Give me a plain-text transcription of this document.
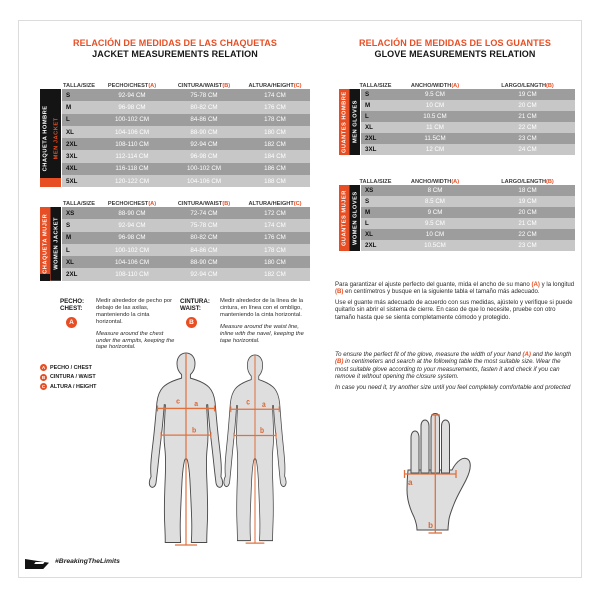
RELACIÓN DE MEDIDAS DE LAS CHAQUETAS
JACKET MEASUREMENTS RELATION
TALLA/SIZE	PECHO/CHEST (A)	CINTURA/WAIST (B)	ALTURA/HEIGHT (C)
CHAQUETA HOMBRE MEN JACKET
S	92-94 CM	75-78 CM	174 CM
M	96-98 CM	80-82 CM	176 CM
L	100-102 CM	84-86 CM	178 CM
XL	104-106 CM	88-90 CM	180 CM
2XL	108-110 CM	92-94 CM	182 CM
3XL	112-114 CM	96-98 CM	184 CM
4XL	116-118 CM	100-102 CM	186 CM
5XL	120-122 CM	104-106 CM	188 CM
TALLA/SIZE	PECHO/CHEST (A)	CINTURA/WAIST (B)	ALTURA/HEIGHT (C)
CHAQUETA MUJER WOMEN JACKET
XS	88-90 CM	72-74 CM	172 CM
S	92-94 CM	75-78 CM	174 CM
M	96-98 CM	80-82 CM	176 CM
L	100-102 CM	84-86 CM	178 CM
XL	104-106 CM	88-90 CM	180 CM
2XL	108-110 CM	92-94 CM	182 CM
PECHO:
CHEST:
A
Medir alrededor de pecho por debajo de las axilas, manteniendo la cinta horizontal.
Measure around the chest under the armpits, keeping the tape horizontal.
CINTURA:
WAIST:
B
Medir alrededor de la línea de la cintura, en línea con el ombligo, manteniendo la cinta horizontal.
Measure around the waist line, inline with the navel, keeping the tape horizontal.
A PECHO / CHEST
B CINTURA / WAIST
C ALTURA / HEIGHT
c a
b
c a
b
RELACIÓN DE MEDIDAS DE LOS GUANTES
GLOVE MEASUREMENTS RELATION
TALLA/SIZE	ANCHO/WIDTH (A)	LARGO/LENGTH (B)
GUANTES HOMBRE MEN GLOVES
S	9.5 CM	19 CM
M	10 CM	20 CM
L	10.5 CM	21 CM
XL	11 CM	22 CM
2XL	11.5CM	23 CM
3XL	12 CM	24 CM
TALLA/SIZE	ANCHO/WIDTH (A)	LARGO/LENGTH (B)
GUANTES MUJER WOMEN GLOVES
XS	8 CM	18 CM
S	8.5 CM	19 CM
M	9 CM	20 CM
L	9.5 CM	21 CM
XL	10 CM	22 CM
2XL	10.5CM	23 CM

Para garantizar el ajuste perfecto del guante, mida el ancho de su mano (A) y la longitud (B) en centímetros y busque en la siguiente tabla el tamaño más adecuado.

Use el guante más adecuado de acuerdo con sus medidas, ajústelo y verifique si puede quitarlo sin abrir el sistema de cierre. En caso de que lo necesite, pruebe con otro tamaño hasta que se sienta completamente cómodo y protegido.

To ensure the perfect fit of the glove, measure the width of your hand (A) and the length (B) in centimeters and search at the following table the most suitable size. Wear the most suitable glove according to your measurements, fasten it and check if you can remove it without opening the closure system.

In case you need it, try another size until you feel completely comfortable and protected

a
b
#BreakingTheLimits
